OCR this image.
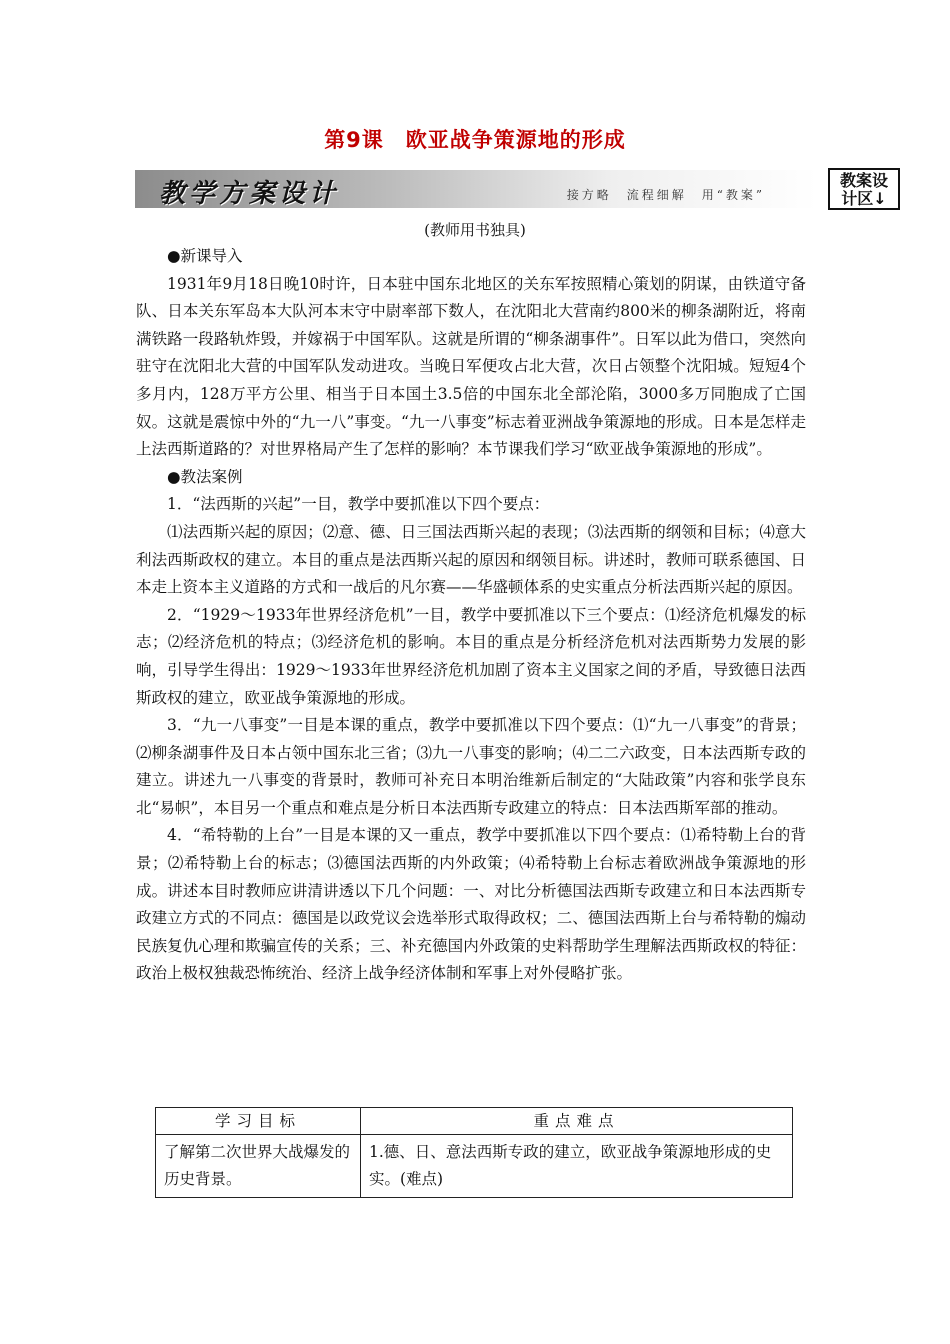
第9课　欧亚战争策源地的形成
教学方案设计	接方略　流程细解　用“教案”
教案设
计区↓
(教师用书独具)

●新课导入

1931年9月18日晚10时许，日本驻中国东北地区的关东军按照精心策划的阴谋，由铁道守备队、日本关东军岛本大队河本末守中尉率部下数人，在沈阳北大营南约800米的柳条湖附近，将南满铁路一段路轨炸毁，并嫁祸于中国军队。这就是所谓的“柳条湖事件”。日军以此为借口，突然向驻守在沈阳北大营的中国军队发动进攻。当晚日军便攻占北大营，次日占领整个沈阳城。短短4个多月内，128万平方公里、相当于日本国土3.5倍的中国东北全部沦陷，3000多万同胞成了亡国奴。这就是震惊中外的“九一八”事变。“九一八事变”标志着亚洲战争策源地的形成。日本是怎样走上法西斯道路的？对世界格局产生了怎样的影响？本节课我们学习“欧亚战争策源地的形成”。

●教法案例

1．“法西斯的兴起”一目，教学中要抓准以下四个要点：

⑴法西斯兴起的原因；⑵意、德、日三国法西斯兴起的表现；⑶法西斯的纲领和目标；⑷意大利法西斯政权的建立。本目的重点是法西斯兴起的原因和纲领目标。讲述时，教师可联系德国、日本走上资本主义道路的方式和一战后的凡尔赛——华盛顿体系的史实重点分析法西斯兴起的原因。

2．“1929～1933年世界经济危机”一目，教学中要抓准以下三个要点：⑴经济危机爆发的标志；⑵经济危机的特点；⑶经济危机的影响。本目的重点是分析经济危机对法西斯势力发展的影响，引导学生得出：1929～1933年世界经济危机加剧了资本主义国家之间的矛盾，导致德日法西斯政权的建立，欧亚战争策源地的形成。

3．“九一八事变”一目是本课的重点，教学中要抓准以下四个要点：⑴“九一八事变”的背景；⑵柳条湖事件及日本占领中国东北三省；⑶九一八事变的影响；⑷二二六政变，日本法西斯专政的建立。讲述九一八事变的背景时，教师可补充日本明治维新后制定的“大陆政策”内容和张学良东北“易帜”，本目另一个重点和难点是分析日本法西斯专政建立的特点：日本法西斯军部的推动。

4．“希特勒的上台”一目是本课的又一重点，教学中要抓准以下四个要点：⑴希特勒上台的背景；⑵希特勒上台的标志；⑶德国法西斯的内外政策；⑷希特勒上台标志着欧洲战争策源地的形成。讲述本目时教师应讲清讲透以下几个问题：一、对比分析德国法西斯专政建立和日本法西斯专政建立方式的不同点：德国是以政党议会选举形式取得政权；二、德国法西斯上台与希特勒的煽动民族复仇心理和欺骗宣传的关系；三、补充德国内外政策的史料帮助学生理解法西斯政权的特征：政治上极权独裁恐怖统治、经济上战争经济体制和军事上对外侵略扩张。

学习目标	重点难点
了解第二次世界大战爆发的历史背景。	1.德、日、意法西斯专政的建立，欧亚战争策源地形成的史实。(难点)
